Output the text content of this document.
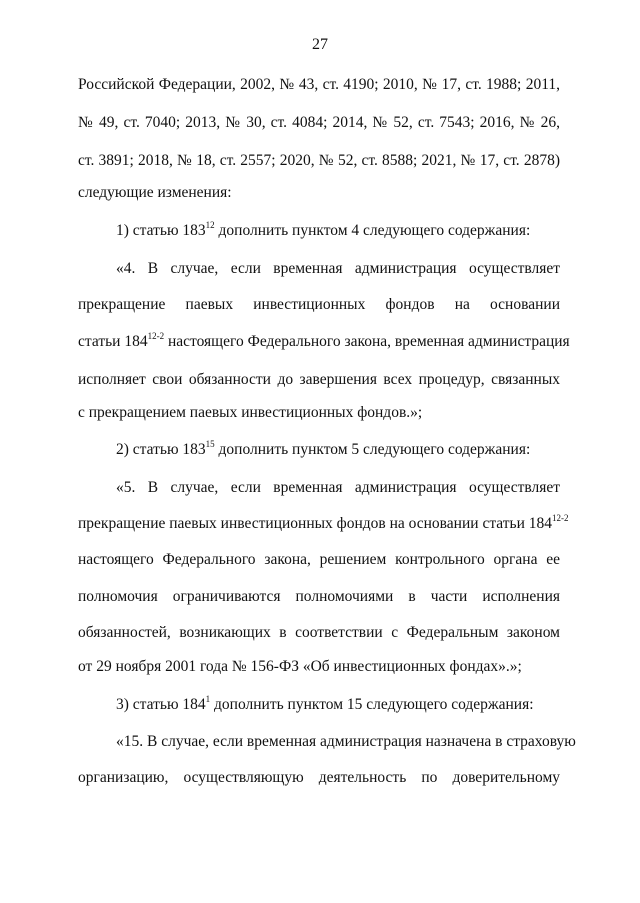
27
Российской Федерации, 2002, № 43, ст. 4190; 2010, № 17, ст. 1988; 2011,
№ 49, ст. 7040; 2013, № 30, ст. 4084; 2014, № 52, ст. 7543; 2016, № 26,
ст. 3891; 2018, № 18, ст. 2557; 2020, № 52, ст. 8588; 2021, № 17, ст. 2878)
следующие изменения:
1) статью $183^{12}$ дополнить пунктом 4 следующего содержания:
«4. В случае, если временная администрация осуществляет
прекращение паевых инвестиционных фондов на основании
статьи 184$^{12-2}$ настоящего Федерального закона, временная администрация
исполняет свои обязанности до завершения всех процедур, связанных
с прекращением паевых инвестиционных фондов.»;
2) статью $183^{15}$ дополнить пунктом 5 следующего содержания:
«5. В случае, если временная администрация осуществляет
прекращение паевых инвестиционных фондов на основании статьи 184$^{12-2}$
настоящего Федерального закона, решением контрольного органа ее
полномочия ограничиваются полномочиями в части исполнения
обязанностей, возникающих в соответствии с Федеральным законом
от 29 ноября 2001 года № 156-ФЗ «Об инвестиционных фондах».»;
3) статью $184^1$ дополнить пунктом 15 следующего содержания:
«15. В случае, если временная администрация назначена в страховую
организацию, осуществляющую деятельность по доверительному
